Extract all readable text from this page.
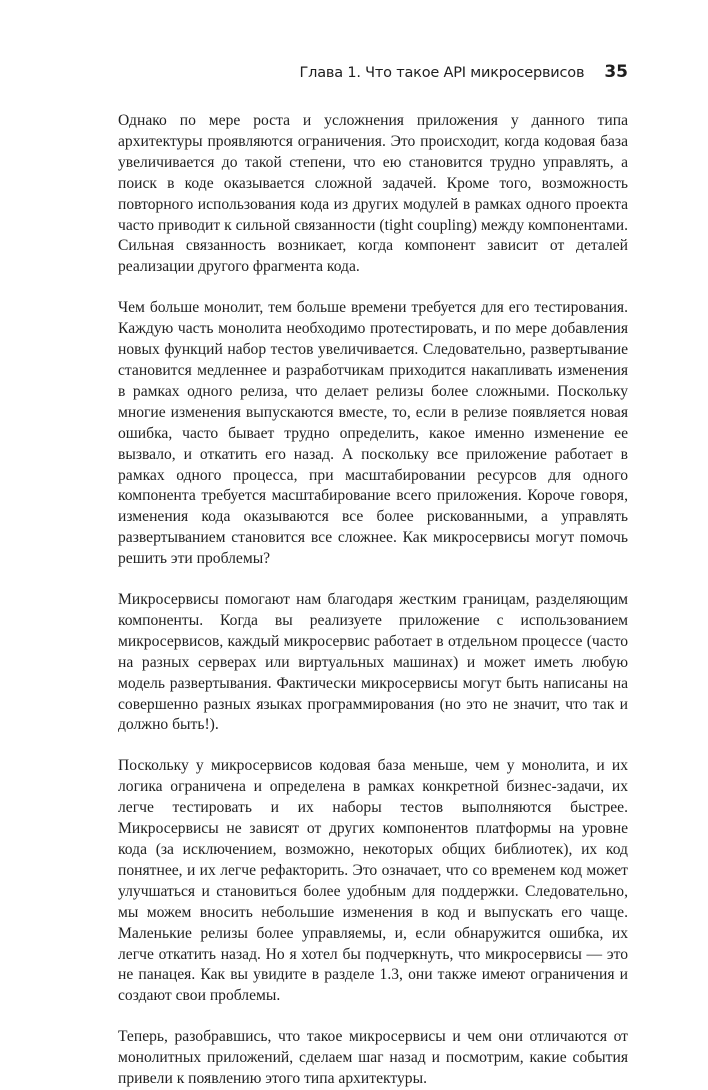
Глава 1. Что такое API микросервисов 35

Однако по мере роста и усложнения приложения у данного типа архитектуры проявляются ограничения. Это происходит, когда кодовая база увеличивается до такой степени, что ею становится трудно управлять, а поиск в коде оказывается сложной задачей. Кроме того, возможность повторного использования кода из других модулей в рамках одного проекта часто приводит к сильной связанности (tight coupling) между компонентами. Сильная связанность возникает, когда компонент зависит от деталей реализации другого фрагмента кода.

Чем больше монолит, тем больше времени требуется для его тестирования. Каждую часть монолита необходимо протестировать, и по мере добавления новых функций набор тестов увеличивается. Следовательно, развертывание становится медленнее и разработчикам приходится накапливать изменения в рамках одного релиза, что делает релизы более сложными. Поскольку многие изменения выпускаются вместе, то, если в релизе появляется новая ошибка, часто бывает трудно определить, какое именно изменение ее вызвало, и откатить его назад. А поскольку все приложение работает в рамках одного процесса, при масштабировании ресурсов для одного компонента требуется масштабирование всего приложения. Короче говоря, изменения кода оказываются все более рискованными, а управлять развертыванием становится все сложнее. Как микросервисы могут помочь решить эти проблемы?

Микросервисы помогают нам благодаря жестким границам, разделяющим компоненты. Когда вы реализуете приложение с использованием микросервисов, каждый микросервис работает в отдельном процессе (часто на разных серверах или виртуальных машинах) и может иметь любую модель развертывания. Фактически микросервисы могут быть написаны на совершенно разных языках программирования (но это не значит, что так и должно быть!).

Поскольку у микросервисов кодовая база меньше, чем у монолита, и их логика ограничена и определена в рамках конкретной бизнес-задачи, их легче тестировать и их наборы тестов выполняются быстрее. Микросервисы не зависят от других компонентов платформы на уровне кода (за исключением, возможно, некоторых общих библиотек), их код понятнее, и их легче рефакторить. Это означает, что со временем код может улучшаться и становиться более удобным для поддержки. Следовательно, мы можем вносить небольшие изменения в код и выпускать его чаще. Маленькие релизы более управляемы, и, если обнаружится ошибка, их легче откатить назад. Но я хотел бы подчеркнуть, что микросервисы — это не панацея. Как вы увидите в разделе 1.3, они также имеют ограничения и создают свои проблемы.

Теперь, разобравшись, что такое микросервисы и чем они отличаются от монолитных приложений, сделаем шаг назад и посмотрим, какие события привели к появлению этого типа архитектуры.
